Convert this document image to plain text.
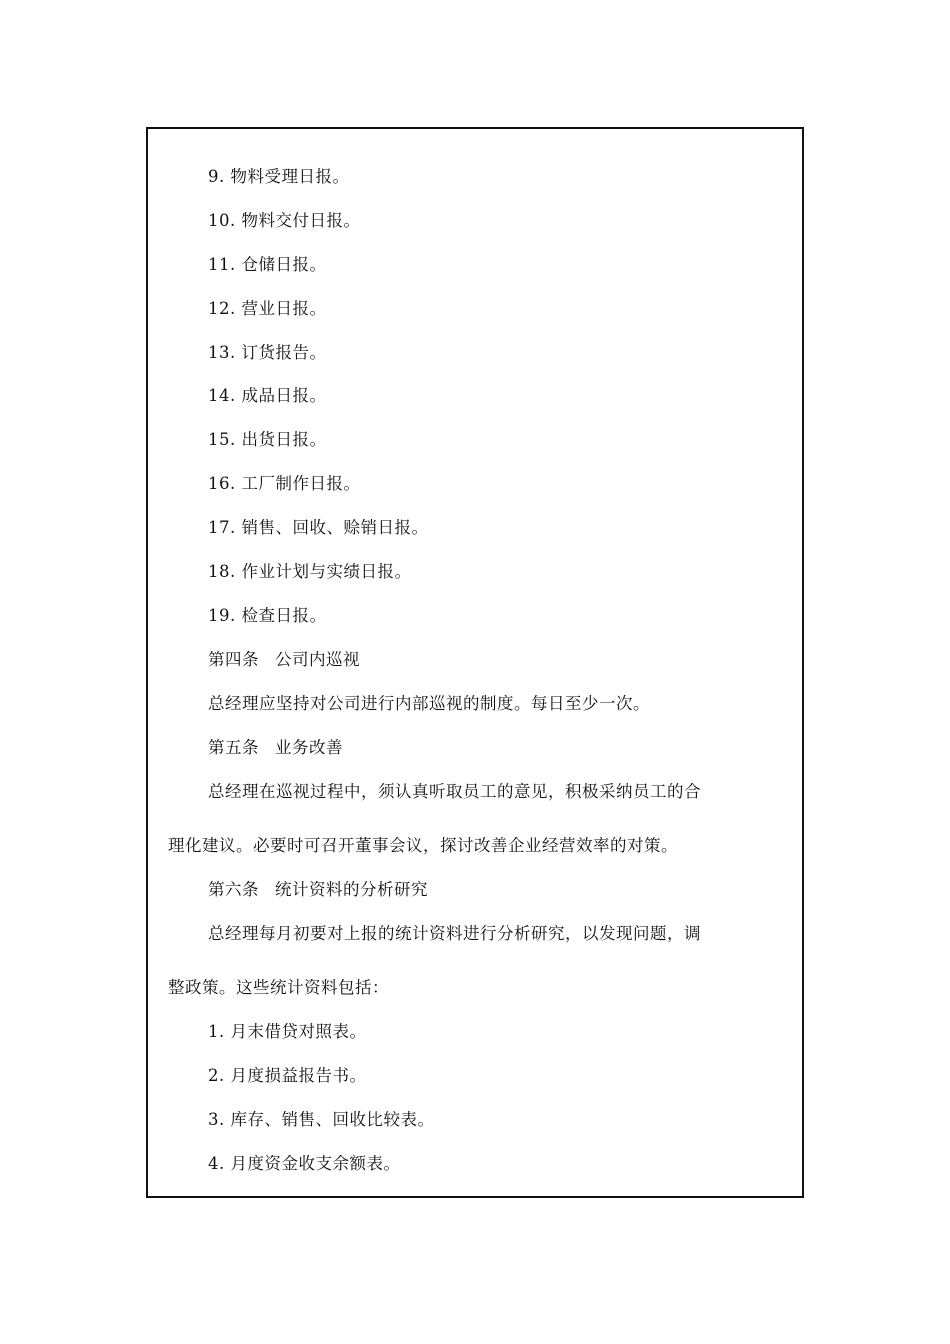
9. 物料受理日报。
10. 物料交付日报。
11. 仓储日报。
12. 营业日报。
13. 订货报告。
14. 成品日报。
15. 出货日报。
16. 工厂制作日报。
17. 销售、回收、赊销日报。
18. 作业计划与实绩日报。
19. 检查日报。
第四条 公司内巡视
总经理应坚持对公司进行内部巡视的制度。每日至少一次。
第五条 业务改善
总经理在巡视过程中，须认真听取员工的意见，积极采纳员工的合
理化建议。必要时可召开董事会议，探讨改善企业经营效率的对策。
第六条 统计资料的分析研究
总经理每月初要对上报的统计资料进行分析研究，以发现问题，调
整政策。这些统计资料包括：
1. 月末借贷对照表。
2. 月度损益报告书。
3. 库存、销售、回收比较表。
4. 月度资金收支余额表。
